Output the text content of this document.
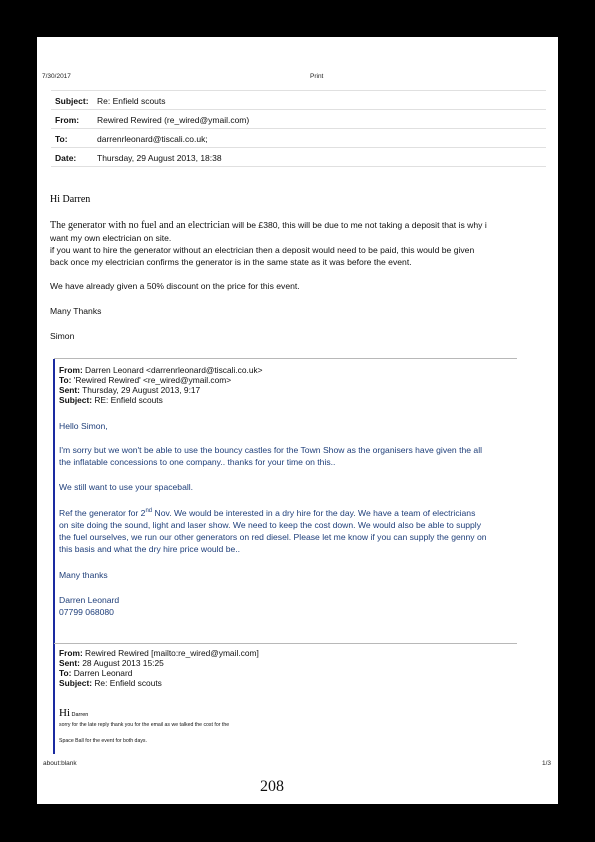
7/30/2017	Print
Subject: Re: Enfield scouts
From: Rewired Rewired (re_wired@ymail.com)
To:	darrenrleonard@tiscali.co.uk;
Date: Thursday, 29 August 2013, 18:38
Hi Darren
The generator with no fuel and an electrician will be £380, this will be due to me not taking a deposit that is why i
want my own electrician on site.
if you want to hire the generator without an electrician then a deposit would need to be paid, this would be given
back once my electrician confirms the generator is in the same state as it was before the event.
We have already given a 50% discount on the price for this event.
Many Thanks
Simon
From: Darren Leonard <darrenrleonard@tiscali.co.uk>
To: 'Rewired Rewired' <re_wired@ymail.com>
Sent: Thursday, 29 August 2013, 9:17
Subject: RE: Enfield scouts
Hello Simon,
I'm sorry but we won't be able to use the bouncy castles for the Town Show as the organisers have given the all
the inflatable concessions to one company.. thanks for your time on this..
We still want to use your spaceball.
Ref the generator for 2nd Nov. We would be interested in a dry hire for the day. We have a team of electricians
on site doing the sound, light and laser show. We need to keep the cost down. We would also be able to supply
the fuel ourselves, we run our other generators on red diesel. Please let me know if you can supply the genny on
this basis and what the dry hire price would be..
Many thanks
Darren Leonard
07799 068080
From: Rewired Rewired [mailto:re_wired@ymail.com]
Sent: 28 August 2013 15:25
To: Darren Leonard
Subject: Re: Enfield scouts
Hi Darren
sorry for the late reply thank you for the email as we talked the cost for the
Space Ball for the event for both days.
about:blank	1/3
208
